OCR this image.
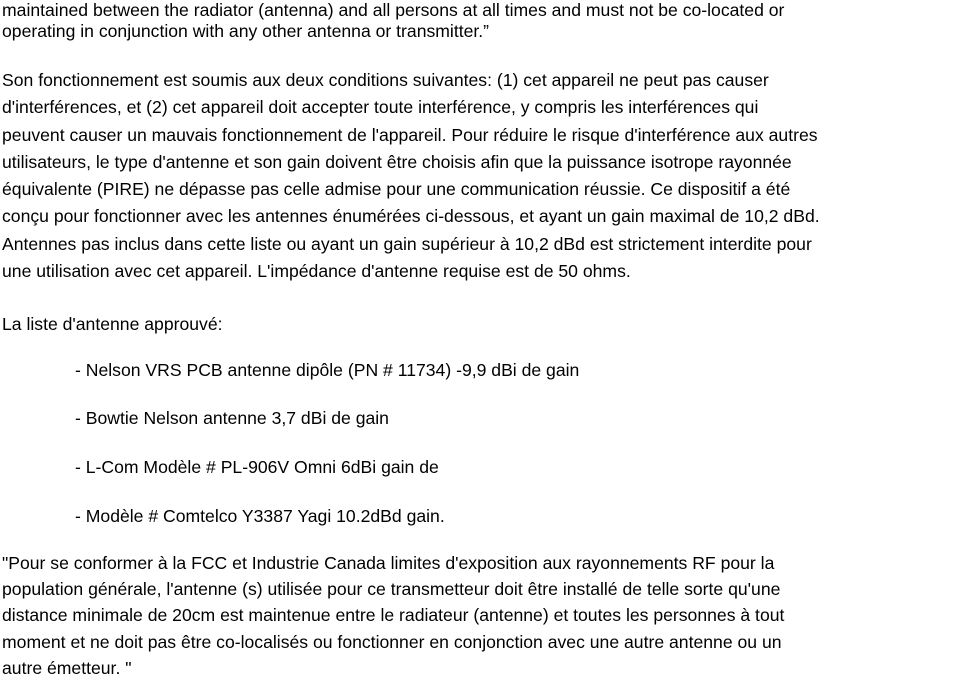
maintained between the radiator (antenna) and all persons at all times and must not be co-located or
operating in conjunction with any other antenna or transmitter.”

Son fonctionnement est soumis aux deux conditions suivantes: (1) cet appareil ne peut pas causer
d'interférences, et (2) cet appareil doit accepter toute interférence, y compris les interférences qui
peuvent causer un mauvais fonctionnement de l'appareil. Pour réduire le risque d'interférence aux autres
utilisateurs, le type d'antenne et son gain doivent être choisis afin que la puissance isotrope rayonnée
équivalente (PIRE) ne dépasse pas celle admise pour une communication réussie. Ce dispositif a été
conçu pour fonctionner avec les antennes énumérées ci-dessous, et ayant un gain maximal de 10,2 dBd.
Antennes pas inclus dans cette liste ou ayant un gain supérieur à 10,2 dBd est strictement interdite pour
une utilisation avec cet appareil. L'impédance d'antenne requise est de 50 ohms.

La liste d'antenne approuvé:

- Nelson VRS PCB antenne dipôle (PN # 11734) -9,9 dBi de gain
- Bowtie Nelson antenne 3,7 dBi de gain
- L-Com Modèle # PL-906V Omni 6dBi gain de
- Modèle # Comtelco Y3387 Yagi 10.2dBd gain.

"Pour se conformer à la FCC et Industrie Canada limites d'exposition aux rayonnements RF pour la
population générale, l'antenne (s) utilisée pour ce transmetteur doit être installé de telle sorte qu'une
distance minimale de 20cm est maintenue entre le radiateur (antenne) et toutes les personnes à tout
moment et ne doit pas être co-localisés ou fonctionner en conjonction avec une autre antenne ou un
autre émetteur. "
